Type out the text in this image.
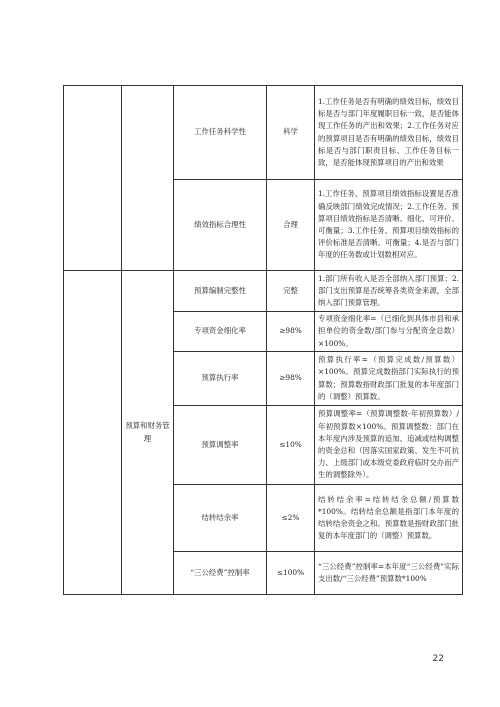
		工作任务科学性	科学	1.工作任务是否有明确的绩效目标，绩效目标是否与部门年度履职目标一致，是否能体现工作任务的产出和效果；2.工作任务对应的预算项目是否有明确的绩效目标，绩效目标是否与部门职责目标、工作任务目标一致，是否能体现预算项目的产出和效果
		绩效指标合理性	合理	1.工作任务、预算项目绩效指标设置是否准确反映部门绩效完成情况；2.工作任务、预算项目绩效指标是否清晰、细化、可评价、可衡量；3.工作任务、预算项目绩效指标的评价标准是否清晰、可衡量；4.是否与部门年度的任务数或计划数相对应。
	预算和财务管理	预算编制完整性	完整	1.部门所有收入是否全部纳入部门预算；2.部门支出预算是否统筹各类资金来源，全部纳入部门预算管理。
		专项资金细化率	≥98%	专项资金细化率=（已细化到具体市县和承担单位的资金数/部门参与分配资金总数）×100%。
		预算执行率	≥98%	预算执行率=（预算完成数/预算数）×100%。预算完成数指部门实际执行的预算数；预算数指财政部门批复的本年度部门的（调整）预算数。
		预算调整率	≤10%	预算调整率=（预算调整数-年初预算数）/年初预算数×100%。预算调整数：部门在本年度内涉及预算的追加、追减或结构调整的资金总和（因落实国家政策、发生不可抗力、上级部门或本级党委政府临时交办而产生的调整除外）。
		结转结余率	≤2%	结转结余率=结转结余总额/预算数*100%。结转结余总额是指部门本年度的结转结余资金之和。预算数是指财政部门批复的本年度部门的（调整）预算数。
		“三公经费”控制率	≤100%	“三公经费”控制率=本年度“三公经费”实际支出数/“三公经费”预算数*100%
22
